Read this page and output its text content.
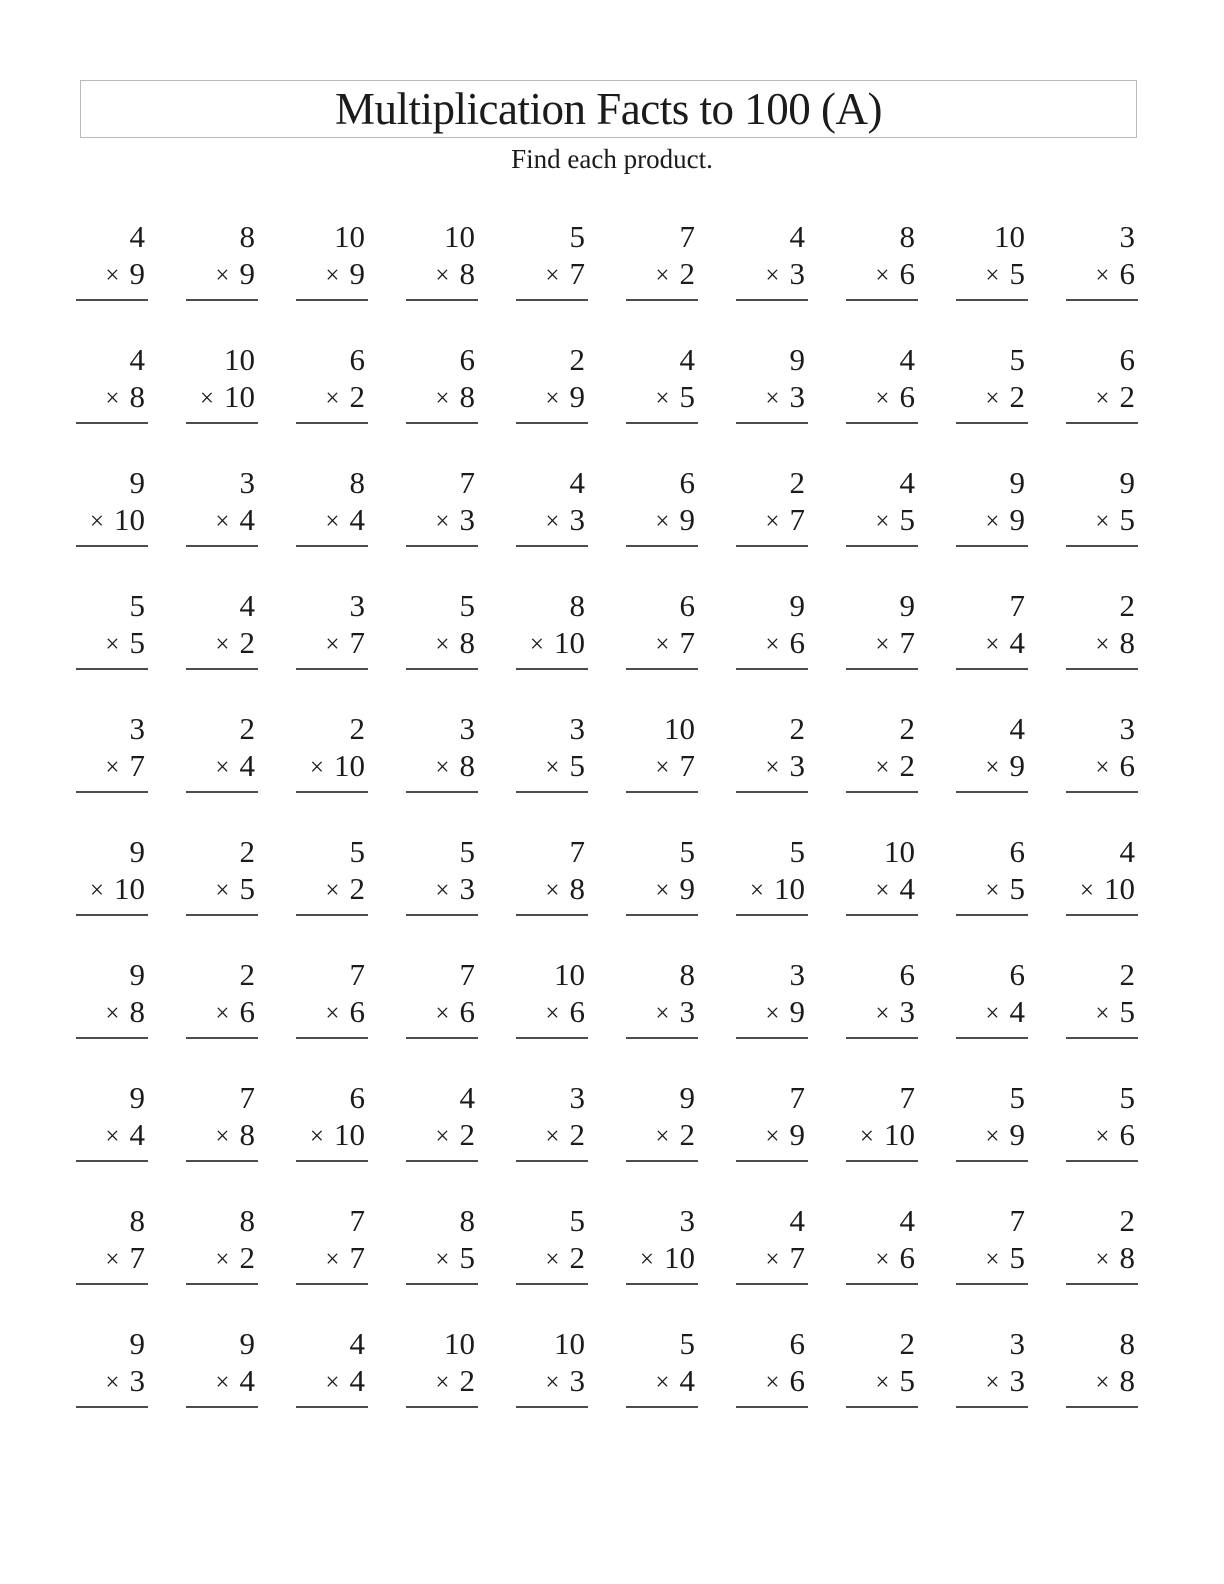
Multiplication Facts to 100 (A)
Find each product.
4
× 9
8
× 9
10
× 9
10
× 8
5
× 7
7
× 2
4
× 3
8
× 6
10
× 5
3
× 6
4
× 8
10
× 10
6
× 2
6
× 8
2
× 9
4
× 5
9
× 3
4
× 6
5
× 2
6
× 2
9
× 10
3
× 4
8
× 4
7
× 3
4
× 3
6
× 9
2
× 7
4
× 5
9
× 9
9
× 5
5
× 5
4
× 2
3
× 7
5
× 8
8
× 10
6
× 7
9
× 6
9
× 7
7
× 4
2
× 8
3
× 7
2
× 4
2
× 10
3
× 8
3
× 5
10
× 7
2
× 3
2
× 2
4
× 9
3
× 6
9
× 10
2
× 5
5
× 2
5
× 3
7
× 8
5
× 9
5
× 10
10
× 4
6
× 5
4
× 10
9
× 8
2
× 6
7
× 6
7
× 6
10
× 6
8
× 3
3
× 9
6
× 3
6
× 4
2
× 5
9
× 4
7
× 8
6
× 10
4
× 2
3
× 2
9
× 2
7
× 9
7
× 10
5
× 9
5
× 6
8
× 7
8
× 2
7
× 7
8
× 5
5
× 2
3
× 10
4
× 7
4
× 6
7
× 5
2
× 8
9
× 3
9
× 4
4
× 4
10
× 2
10
× 3
5
× 4
6
× 6
2
× 5
3
× 3
8
× 8
